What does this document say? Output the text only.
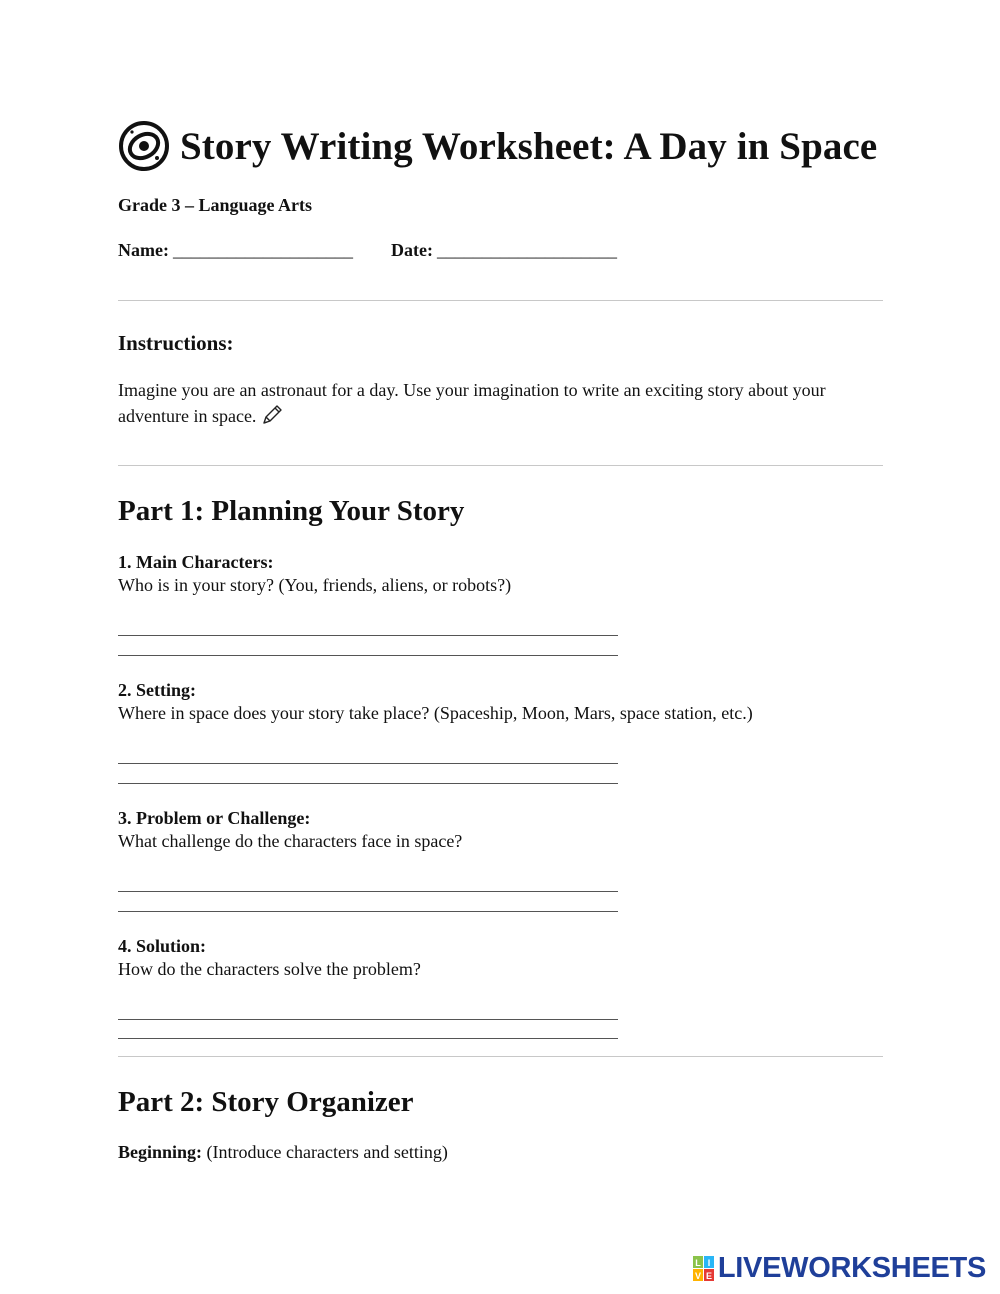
Story Writing Worksheet: A Day in Space
Grade 3 – Language Arts
Name: ____________________ Date: ____________________
Instructions:
Imagine you are an astronaut for a day. Use your imagination to write an exciting story about your adventure in space.
Part 1: Planning Your Story
1. Main Characters:
Who is in your story? (You, friends, aliens, or robots?)
2. Setting:
Where in space does your story take place? (Spaceship, Moon, Mars, space station, etc.)
3. Problem or Challenge:
What challenge do the characters face in space?
4. Solution:
How do the characters solve the problem?
Part 2: Story Organizer
Beginning: (Introduce characters and setting)
L I
V E LIVEWORKSHEETS
